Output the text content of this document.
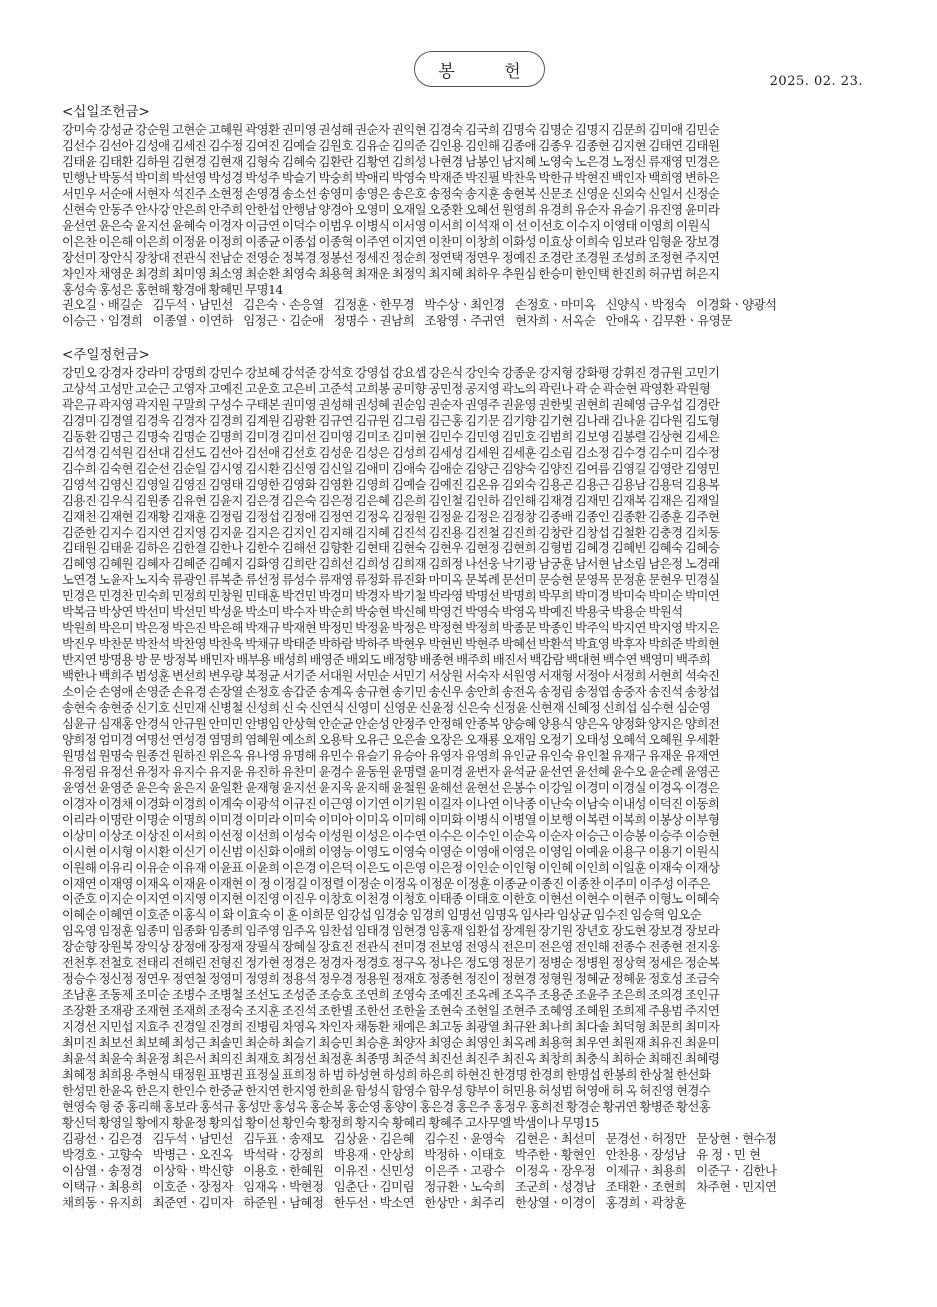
봉 헌	2025. 02. 23.
<십일조헌금>
강미숙 강성균 강순원 고현순 고혜원 곽영환 권미영 권성해 권순자 권익현 김경숙 김국희 김명숙 김명순 김명지 김문희 김미애 김민순
김선수 김선아 김성애 김세진 김수정 김여진 김예슬 김원호 김유순 김의준 김인용 김인해 김종애 김종우 김종현 김지현 김태연 김태원
김태윤 김태환 김하원 김현경 김현재 김형숙 김혜숙 김환란 김황연 김희성 나현경 남봉인 남지혜 노영숙 노은경 노정신 류재영 민경은
민행난 박동석 박미희 박선영 박성경 박성주 박슬기 박숭희 박애리 박영숙 박재준 박진필 박찬욱 박한규 박현진 백인자 백희영 변하은
서민우 서순애 서현자 석진주 소현정 손영경 송소선 송영미 송영은 송은호 송정숙 송지훈 송현복 신문조 신영운 신외숙 신일서 신정순
신현숙 안동주 안사강 안은희 안주희 안한섭 안행남 양경아 오영미 오재일 오중환 오혜선 원영희 유경희 유순자 유슬기 유진영 윤미라
윤선연 윤은숙 윤지선 윤혜숙 이경자 이금연 이덕수 이범우 이병식 이서영 이서희 이석재 이 선 이선호 이수지 이영태 이영희 이원식
이은찬 이은해 이은희 이정윤 이정희 이종균 이종섭 이종혁 이주연 이지연 이찬미 이창희 이화성 이효상 이희숙 임보라 임형윤 장보경
장선미 장안식 장창대 전관식 전남순 전영순 정복경 정봉선 정세진 정순희 정연택 정연우 정예진 조경란 조경원 조성희 조정현 주지연
차인자 채영운 최경희 최미영 최소영 최순환 최영숙 최용혁 최재운 최정익 최지혜 최하우 추원심 한승미 한인택 한진희 허규범 허은지
홍성숙 홍성은 홍현해 황경애 황혜민 무명14
권오길ㆍ배길순   김두석ㆍ남민선   김은숙ㆍ손응열   김정훈ㆍ한무경   박수상ㆍ최인경   손정호ㆍ마미옥   신양식ㆍ박정숙   이경화ㆍ양광석
이승근ㆍ임경희   이종열ㆍ이연하   임정근ㆍ김순애   정명수ㆍ권남희   조왕영ㆍ주귀연   현자희ㆍ서옥순   안애옥ㆍ김무환ㆍ유영문
<주일정헌금>
강민오 강경자 강라미 강명희 강민수 강보혜 강석준 강석호 강영섭 강요셉 강은식 강인숙 강종운 강지형 강화평 강휘진 경규원 고민기
고상석 고성만 고순근 고영자 고예진 고운호 고은비 고준석 고희봉 공미향 공민정 공지영 곽노의 곽린나 곽 순 곽순현 곽영환 곽원형
곽은규 곽지영 곽지원 구말희 구성수 구태본 권미영 권성해 권성혜 권순임 권순자 권영주 권윤영 권한빛 권현희 권혜영 금우섭 김경란
김경미 김경열 김경욱 김경자 김경희 김계원 김광환 김규연 김규원 김그림 김근홍 김기문 김기향 김기현 김나래 김나윤 김다원 김도형
김동환 김명근 김명숙 김명순 김명희 김미경 김미선 김미영 김미조 김미현 김민수 김민영 김민호 김범희 김보영 김봉렬 김상현 김세은
김석경 김석원 김선대 김선도 김선아 김선애 김선호 김성운 김성은 김성희 김세성 김세원 김세훈 김소림 김소정 김수경 김수미 김수정
김수희 김숙현 김순선 김순일 김시영 김시환 김신영 김신일 김애미 김애숙 김애순 김양근 김양숙 김양진 김여름 김영길 김영란 김영민
김영석 김영신 김영일 김영진 김영태 김영한 김영화 김영환 김영희 김예슬 김예진 김온유 김외숙 김용곤 김용근 김용남 김용덕 김용복
김용진 김우식 김원종 김유현 김윤지 김은경 김은숙 김은정 김은혜 김은희 김인철 김인하 김인해 김재경 김재민 김재복 김재은 김재일
김재천 김재현 김재황 김재훈 김정림 김정섭 김정애 김정연 김정옥 김정원 김정윤 김정은 김정창 김종배 김종인 김종환 김종훈 김주현
김준한 김지수 김지연 김지영 김지윤 김지은 김지인 김지해 김지혜 김진석 김진용 김진철 김진희 김창란 김창섭 김철환 김충경 김치동
김태원 김태윤 김하은 김한결 김한나 김한수 김해선 김향환 김현태 김현숙 김현우 김현정 김현희 김형범 김혜경 김혜빈 김혜숙 김혜승
김혜영 김혜원 김혜자 김혜준 김혜지 김화영 김희란 김희선 김희성 김희재 김희정 나선웅 낙기광 남궁훈 남서현 남소림 남은정 노경래
노연경 노윤자 노지숙 류광인 류복춘 류선정 류성수 류재영 류정화 류진화 마미옥 문복례 문선미 문승현 문영목 문정훈 문현우 민경실
민경은 민경찬 민숙희 민정희 민창원 민태훈 박건민 박경미 박경자 박기철 박라영 박명선 박명희 박무희 박미경 박미숙 박미순 박미연
박복금 박상연 박선미 박선민 박성윤 박소미 박수자 박순희 박숭현 박신혜 박영건 박영숙 박영옥 박예진 박용국 박용순 박원석
박원희 박은미 박은정 박은진 박은해 박재규 박재현 박정민 박정윤 박정은 박정현 박정희 박종문 박종인 박주익 박지연 박지영 박지은
박진우 박찬문 박찬석 박찬영 박찬욱 박채규 박태준 박하람 박하주 박현우 박현빈 박현주 박혜선 박환석 박효영 박후자 박희준 박희현
반지연 방명용 방 문 방정복 배민자 배부용 배성희 배영준 배외도 배정향 배종현 배주희 배진서 백감람 백대현 백수연 백영미 백주희
백한나 백희주 범성훈 변선희 변우량 복정균 서기준 서대원 서민순 서민기 서상원 서숙자 서원영 서재형 서정아 서정희 서현희 석숙진
소이순 손영애 손영준 손유경 손장열 손정호 송갑준 송계옥 송규현 송기민 송신우 송안희 송전옥 송정림 송정엽 송중자 송진석 송창섭
송현숙 송현중 신기호 신민재 신병철 신성희 신 숙 신연식 신영미 신영운 신윤정 신은숙 신정윤 신현재 신혜정 신희섭 심수현 심순영
심윤규 심재홍 안경식 안규원 안미민 안병임 안상혁 안순균 안순성 안정주 안정해 안종복 양승혜 양용식 양은옥 양정화 양지은 양희전
양희정 엄미경 여명선 연성경 염명희 염혜원 예소희 오용탁 오유근 오은솔 오장은 오재룡 오재임 오정기 오태성 오혜석 오혜원 우세환
원명섭 원명숙 원종건 원하진 위은옥 유나영 유명해 유민수 유슬기 유승아 유영자 유영희 유인균 유인숙 유인철 유재구 유재운 유재연
유정림 유정선 유정자 유지수 유지윤 유진하 유찬미 윤경수 윤동원 윤명렬 윤미경 윤번자 윤석균 윤선연 윤선혜 윤수오 윤순례 윤영곤
윤영선 윤영준 윤은숙 윤은지 윤일환 윤재형 윤지선 윤지욱 윤지해 윤철원 윤해선 윤현선 은봉수 이강일 이경미 이경실 이경옥 이경은
이경자 이경채 이경화 이경희 이계숙 이광석 이규진 이근영 이기연 이기원 이길자 이나연 이낙종 이난숙 이남숙 이내성 이덕진 이동희
이리라 이명란 이명순 이명희 이미경 이미라 이미숙 이미아 이미옥 이미해 이미화 이병식 이병열 이보행 이복련 이복희 이봉상 이부형
이상미 이상조 이상진 이서희 이선정 이선희 이성숙 이성원 이성은 이수연 이수은 이수인 이순옥 이순자 이승근 이승봉 이승주 이승현
이시현 이시형 이시환 이신기 이신범 이신화 이애희 이영능 이영도 이영숙 이영순 이영애 이영은 이영임 이예윤 이용구 이용기 이원식
이원해 이유리 이유순 이유재 이윤표 이윤희 이은경 이은덕 이은도 이은영 이은정 이인순 이인형 이인혜 이인희 이일훈 이재숙 이재상
이재연 이재영 이재옥 이재윤 이재현 이 정 이정길 이정렬 이정순 이정옥 이정운 이정훈 이종균 이종진 이종찬 이주미 이주성 이주은
이준호 이지순 이지연 이지영 이지현 이진영 이진우 이창호 이천경 이청호 이태종 이태호 이한호 이현선 이현수 이현주 이형노 이혜숙
이혜순 이혜연 이호준 이홍식 이 화 이효숙 이 훈 이희문 임강섭 임경숭 임경희 임명선 임명옥 임사라 임상균 임수진 임승혁 임오순
임옥영 임정훈 임종미 임종화 임종희 임주영 임주옥 임찬섭 임태경 임현경 임홍재 임환섭 장계원 장기원 장년호 장도현 장보경 장보라
장순향 장원복 장익상 장정애 장정재 장필식 장혜실 장효진 전관식 전미경 전보영 전영식 전은미 전은영 전인해 전종수 전종현 전지웅
전천후 전철호 전태리 전해린 전형진 정가현 정경은 정경자 정경호 정구옥 정나은 정도영 정문기 정병순 정병원 정상혁 정세은 정순복
정승수 정신정 정연우 정연철 정영미 정영희 정용석 정우경 정용원 정재호 정종현 정진이 정현경 정형원 정혜균 정혜윤 정호성 조금숙
조남훈 조동제 조미순 조병수 조병철 조선도 조성준 조승호 조연희 조영숙 조예진 조옥례 조옥주 조용준 조윤주 조은희 조의경 조인규
조장환 조재광 조재현 조재희 조정숙 조지훈 조진석 조한별 조한선 조한울 조현숙 조현일 조현주 조혜영 조혜원 조희제 주용범 주지연
지경선 지민섭 지효주 진경일 진경희 진병림 차영옥 차인자 채동환 채예은 최고동 최광열 최규완 최나희 최다솔 최덕형 최문희 최미자
최미진 최보선 최보혜 최성근 최솔민 최순하 최슬기 최승민 최승훈 최양자 최영순 최영인 최옥례 최용혁 최우연 최원재 최유진 최윤미
최윤석 최윤숙 최윤정 최은서 최의진 최재호 최정선 최정훈 최종명 최준석 최진선 최진주 최진옥 최창희 최충식 최하순 최해진 최혜령
최혜정 최희용 추현식 태정원 표병권 표정실 표희정 하 범 하성현 하성희 하은희 하현진 한경명 한경희 한명섭 한봉희 한상철 한선화
한성민 한윤옥 한은지 한인수 한중균 한지연 한지영 한희윤 함성식 함영수 함우성 향부이 허민용 허성범 허영애 허 옥 허진영 현경수
현영숙 형 중 홍리해 홍보라 홍석규 홍성만 홍성옥 홍순복 홍순영 홍양이 홍은경 홍은주 홍정우 홍희전 황경순 황귀연 황병준 황선홍
황신덕 황영일 황에지 황윤정 황의섭 황이선 황인숙 황정희 황지숙 황혜리 황혜주 고사무엘 박샘이나 무명15
김광선ㆍ김은경   김두석ㆍ남민선   김두표ㆍ송재모   김상윤ㆍ김은혜   김수진ㆍ윤영숙   김현은ㆍ최선미   문경선ㆍ허정만   문상현ㆍ현수정
박경호ㆍ고향숙   박병근ㆍ오진옥   박석락ㆍ강정희   박용재ㆍ안상희   박정하ㆍ이태호   박주한ㆍ황현인   안찬용ㆍ장성남   유 정ㆍ민 현
이삼열ㆍ송정경   이상학ㆍ박신향   이용호ㆍ한혜원   이유진ㆍ신민성   이은주ㆍ고광수   이정옥ㆍ장우정   이제규ㆍ최용희   이준구ㆍ김한나
이택규ㆍ최용희   이호준ㆍ장정자   임재옥ㆍ박현정   임춘단ㆍ김미림   정규환ㆍ노숙희   조군희ㆍ성경남   조태환ㆍ조현희   차주현ㆍ민지연
채희동ㆍ유지희   최준연ㆍ김미자   하준원ㆍ남혜정   한두선ㆍ박소연   한상만ㆍ최주리   한상열ㆍ이경이   홍경희ㆍ곽창훈
